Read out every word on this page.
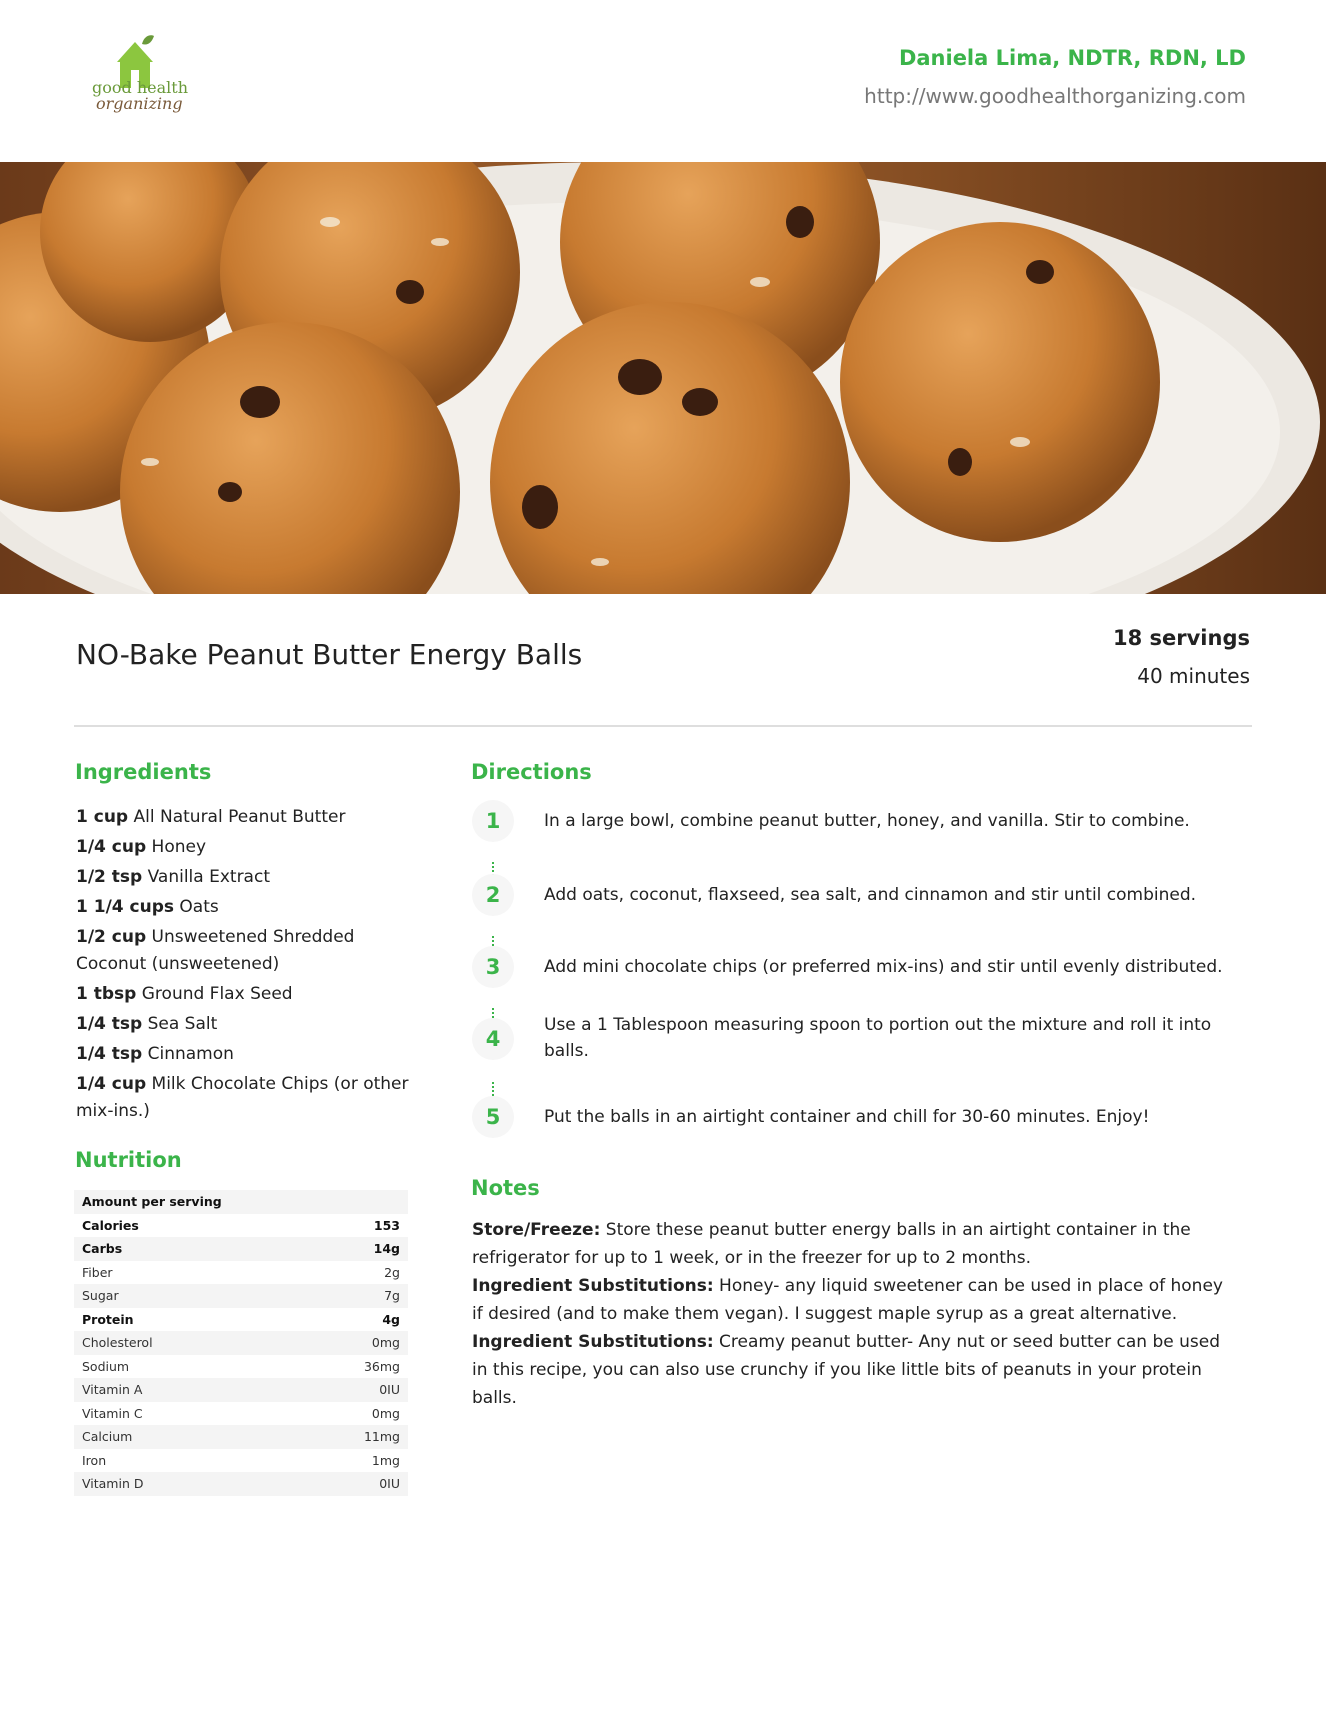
good health
organizing
Daniela Lima, NDTR, RDN, LD
http://www.goodhealthorganizing.com
NO-Bake Peanut Butter Energy Balls	18 servings
40 minutes
Ingredients
1 cup All Natural Peanut Butter
1/4 cup Honey
1/2 tsp Vanilla Extract
1 1/4 cups Oats
1/2 cup Unsweetened Shredded Coconut (unsweetened)
1 tbsp Ground Flax Seed
1/4 tsp Sea Salt
1/4 tsp Cinnamon
1/4 cup Milk Chocolate Chips (or other mix-ins.)
Nutrition
Amount per serving
Calories	153
Carbs	14g
Fiber	2g
Sugar	7g
Protein	4g
Cholesterol	0mg
Sodium	36mg
Vitamin A	0IU
Vitamin C	0mg
Calcium	11mg
Iron	1mg
Vitamin D	0IU
Directions
1	In a large bowl, combine peanut butter, honey, and vanilla. Stir to combine.
2	Add oats, coconut, flaxseed, sea salt, and cinnamon and stir until combined.
3	Add mini chocolate chips (or preferred mix-ins) and stir until evenly distributed.
4
Use a 1 Tablespoon measuring spoon to portion out the mixture and roll it into balls.
5	Put the balls in an airtight container and chill for 30-60 minutes. Enjoy!
Notes

Store/Freeze: Store these peanut butter energy balls in an airtight container in the refrigerator for up to 1 week, or in the freezer for up to 2 months.

Ingredient Substitutions: Honey- any liquid sweetener can be used in place of honey if desired (and to make them vegan). I suggest maple syrup as a great alternative.

Ingredient Substitutions: Creamy peanut butter- Any nut or seed butter can be used in this recipe, you can also use crunchy if you like little bits of peanuts in your protein balls.
